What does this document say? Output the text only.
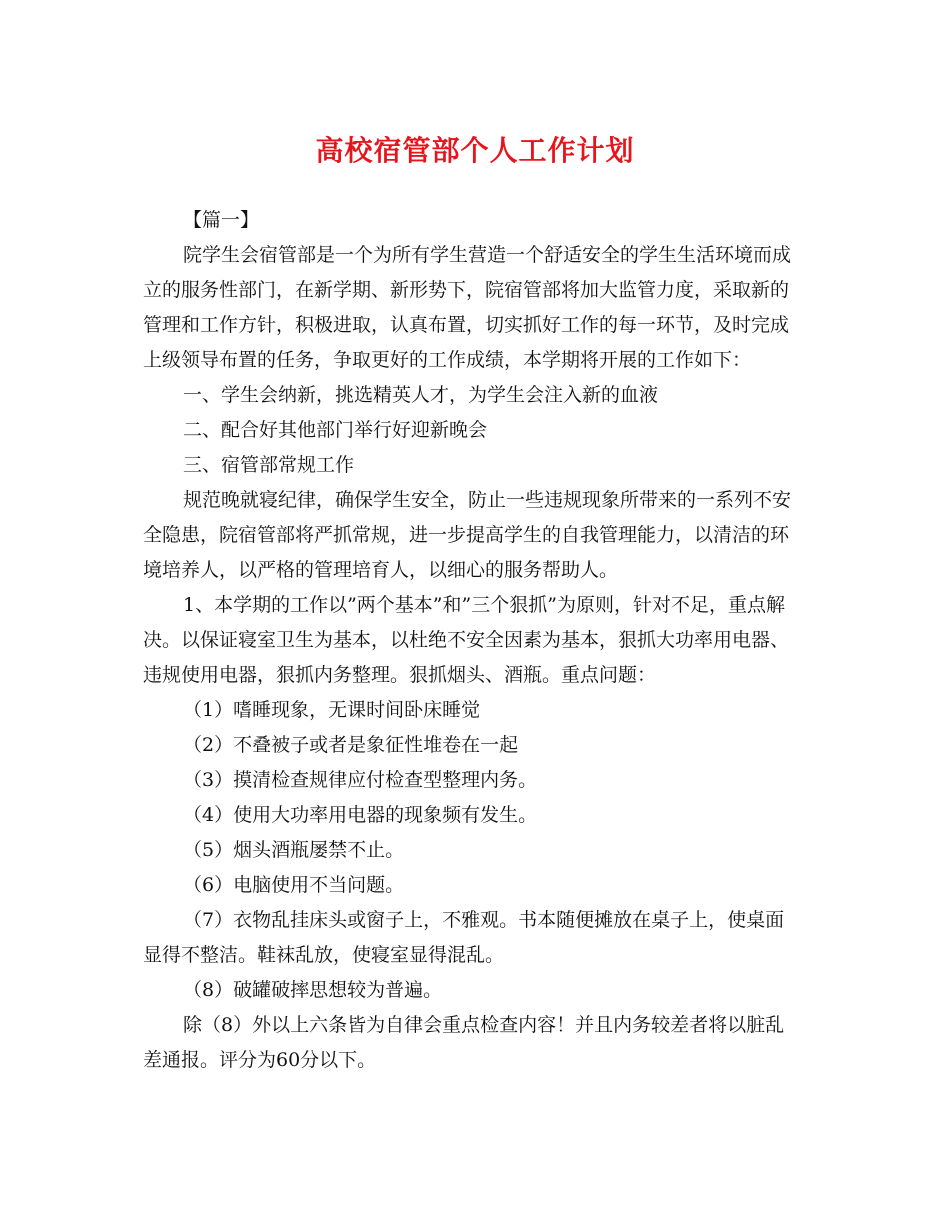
高校宿管部个人工作计划

【篇一】

院学生会宿管部是一个为所有学生营造一个舒适安全的学生生活环境而成立的服务性部门，在新学期、新形势下，院宿管部将加大监管力度，采取新的管理和工作方针，积极进取，认真布置，切实抓好工作的每一环节，及时完成上级领导布置的任务，争取更好的工作成绩，本学期将开展的工作如下：

一、学生会纳新，挑选精英人才，为学生会注入新的血液

二、配合好其他部门举行好迎新晚会

三、宿管部常规工作

规范晚就寝纪律，确保学生安全，防止一些违规现象所带来的一系列不安全隐患，院宿管部将严抓常规，进一步提高学生的自我管理能力，以清洁的环境培养人，以严格的管理培育人，以细心的服务帮助人。

1、本学期的工作以”两个基本”和”三个狠抓”为原则，针对不足，重点解决。以保证寝室卫生为基本，以杜绝不安全因素为基本，狠抓大功率用电器、违规使用电器，狠抓内务整理。狠抓烟头、酒瓶。重点问题：

（1）嗜睡现象，无课时间卧床睡觉

（2）不叠被子或者是象征性堆卷在一起

（3）摸清检查规律应付检查型整理内务。

（4）使用大功率用电器的现象频有发生。

（5）烟头酒瓶屡禁不止。

（6）电脑使用不当问题。

（7）衣物乱挂床头或窗子上，不雅观。书本随便摊放在桌子上，使桌面显得不整洁。鞋袜乱放，使寝室显得混乱。

（8）破罐破摔思想较为普遍。

除（8）外以上六条皆为自律会重点检查内容！并且内务较差者将以脏乱差通报。评分为60分以下。
